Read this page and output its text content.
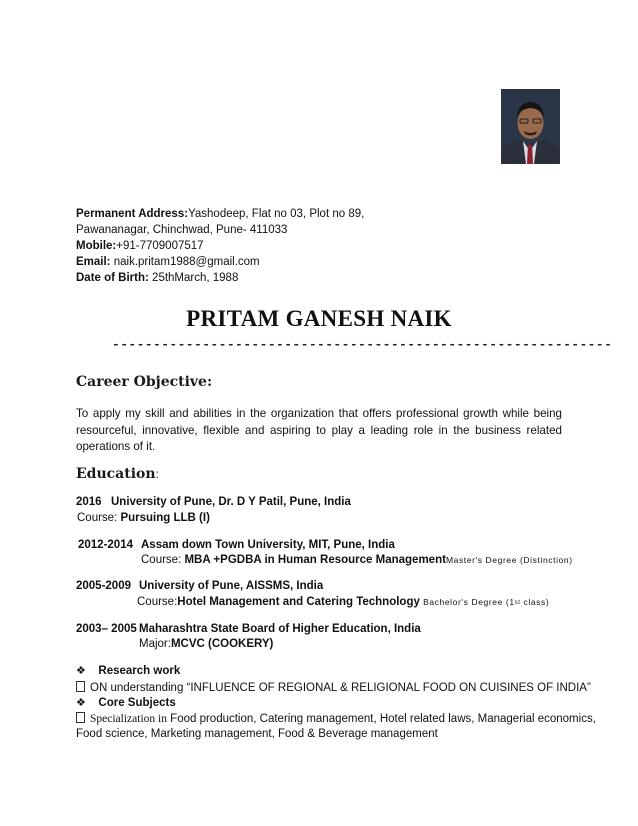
Permanent Address:Yashodeep, Flat no 03, Plot no 89,
Pawananagar, Chinchwad, Pune- 411033
Mobile:+91-7709007517
Email: naik.pritam1988@gmail.com
Date of Birth: 25thMarch, 1988
PRITAM GANESH NAIK
-------------------------------------------------------------
Career Objective:
To apply my skill and abilities in the organization that offers professional growth while being resourceful, innovative, flexible and aspiring to play a leading role in the business related operations of it.
Education:
2016 University of Pune, Dr. D Y Patil, Pune, India
Course: Pursuing LLB (I)
2012-2014 Assam down Town University, MIT, Pune, India
Course: MBA +PGDBA in Human Resource ManagementMaster's Degree (Distinction)
2005-2009 University of Pune, AISSMS, India
Course:Hotel Management and Catering Technology Bachelor's Degree (1st class)
2003– 2005 Maharashtra State Board of Higher Education, India
Major:MCVC (COOKERY)
❖ Research work
ON understanding “INFLUENCE OF REGIONAL & RELIGIONAL FOOD ON CUISINES OF INDIA”
❖ Core Subjects
Specialization in Food production, Catering management, Hotel related laws, Managerial economics,
Food science, Marketing management, Food & Beverage management
